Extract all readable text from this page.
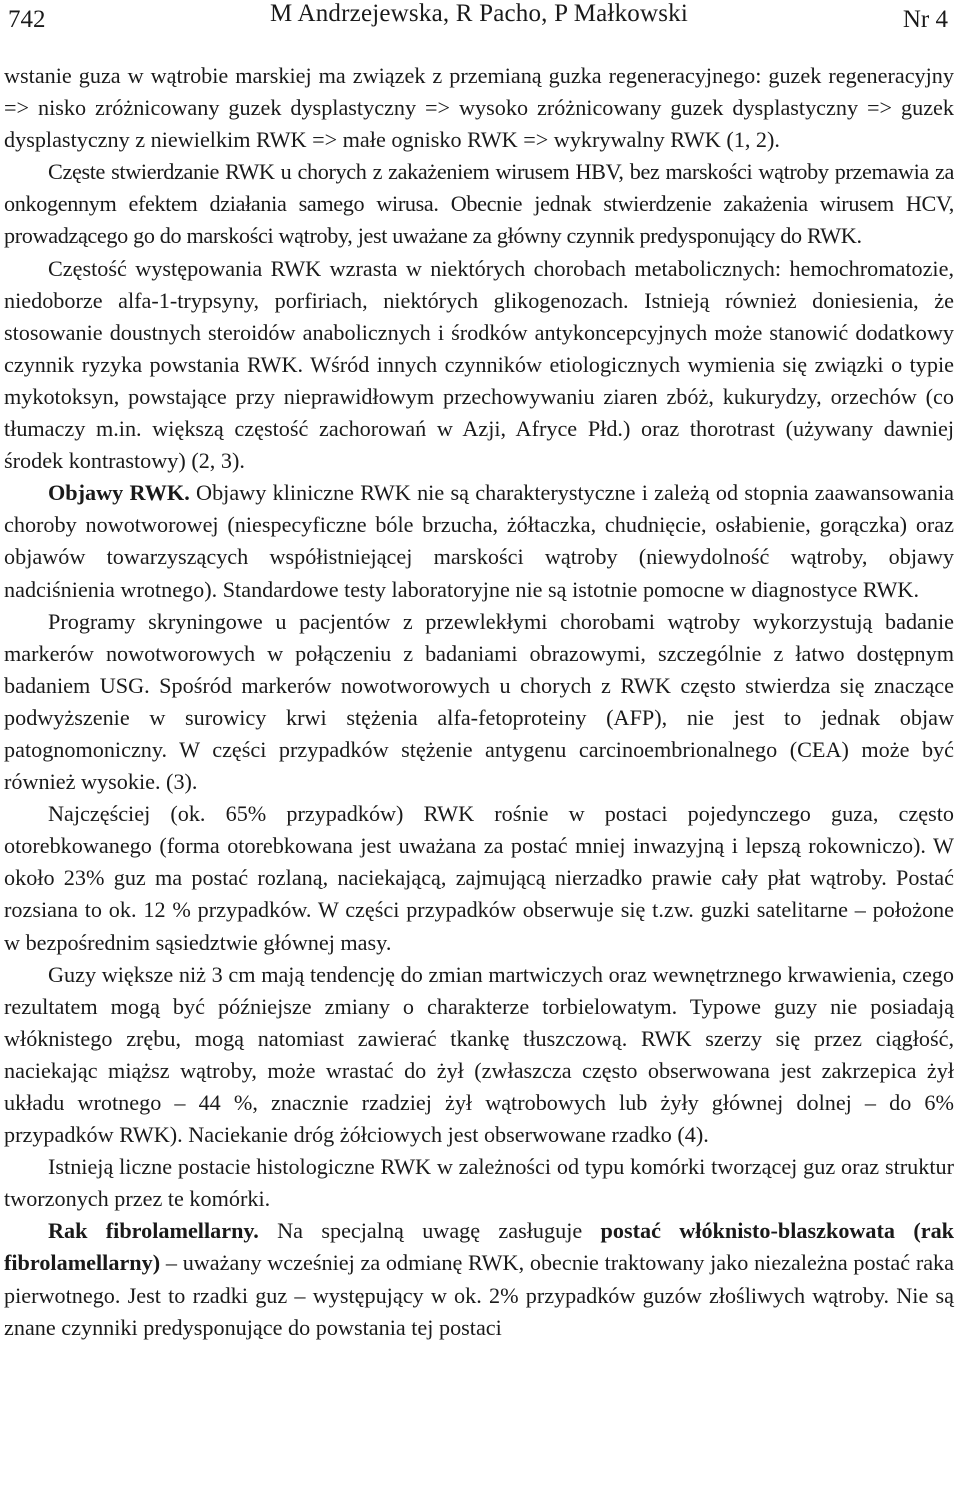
742	M Andrzejewska, R Pacho, P Małkowski	Nr 4

wstanie guza w wątrobie marskiej ma związek z przemianą guzka regeneracyjnego: guzek regeneracyjny => nisko zróżnicowany guzek dysplastyczny => wysoko zróżnicowany guzek dysplastyczny => guzek dysplastyczny z niewielkim RWK => małe ognisko RWK => wykrywalny RWK (1, 2).

Częste stwierdzanie RWK u chorych z zakażeniem wirusem HBV, bez marskości wątroby przemawia za onkogennym efektem działania samego wirusa. Obecnie jednak stwierdzenie zakażenia wirusem HCV, prowadzącego go do marskości wątroby, jest uważane za główny czynnik predysponujący do RWK.

Częstość występowania RWK wzrasta w niektórych chorobach metabolicznych: hemochromatozie, niedoborze alfa-1-trypsyny, porfiriach, niektórych glikogenozach. Istnieją również doniesienia, że stosowanie doustnych steroidów anabolicznych i środków antykoncepcyjnych może stanowić dodatkowy czynnik ryzyka powstania RWK. Wśród innych czynników etiologicznych wymienia się związki o typie mykotoksyn, powstające przy nieprawidłowym przechowywaniu ziaren zbóż, kukurydzy, orzechów (co tłumaczy m.in. większą częstość zachorowań w Azji, Afryce Płd.) oraz thorotrast (używany dawniej środek kontrastowy) (2, 3).

Objawy RWK. Objawy kliniczne RWK nie są charakterystyczne i zależą od stopnia zaawansowania choroby nowotworowej (niespecyficzne bóle brzucha, żółtaczka, chudnięcie, osłabienie, gorączka) oraz objawów towarzyszących współistniejącej marskości wątroby (niewydolność wątroby, objawy nadciśnienia wrotnego). Standardowe testy laboratoryjne nie są istotnie pomocne w diagnostyce RWK.

Programy skryningowe u pacjentów z przewlekłymi chorobami wątroby wykorzystują badanie markerów nowotworowych w połączeniu z badaniami obrazowymi, szczególnie z łatwo dostępnym badaniem USG. Spośród markerów nowotworowych u chorych z RWK często stwierdza się znaczące podwyższenie w surowicy krwi stężenia alfa-fetoproteiny (AFP), nie jest to jednak objaw patognomoniczny. W części przypadków stężenie antygenu carcinoembrionalnego (CEA) może być również wysokie. (3).

Najczęściej (ok. 65% przypadków) RWK rośnie w postaci pojedynczego guza, często otorebkowanego (forma otorebkowana jest uważana za postać mniej inwazyjną i lepszą rokowniczo). W około 23% guz ma postać rozlaną, naciekającą, zajmującą nierzadko prawie cały płat wątroby. Postać rozsiana to ok. 12 % przypadków. W części przypadków obserwuje się t.zw. guzki satelitarne – położone w bezpośrednim sąsiedztwie głównej masy.

Guzy większe niż 3 cm mają tendencję do zmian martwiczych oraz wewnętrznego krwawienia, czego rezultatem mogą być późniejsze zmiany o charakterze torbielowatym. Typowe guzy nie posiadają włóknistego zrębu, mogą natomiast zawierać tkankę tłuszczową. RWK szerzy się przez ciągłość, naciekając miąższ wątroby, może wrastać do żył (zwłaszcza często obserwowana jest zakrzepica żył układu wrotnego – 44 %, znacznie rzadziej żył wątrobowych lub żyły głównej dolnej – do 6% przypadków RWK). Naciekanie dróg żółciowych jest obserwowane rzadko (4).

Istnieją liczne postacie histologiczne RWK w zależności od typu komórki tworzącej guz oraz struktur tworzonych przez te komórki.

Rak fibrolamellarny. Na specjalną uwagę zasługuje postać włóknisto-blaszkowata (rak fibrolamellarny) – uważany wcześniej za odmianę RWK, obecnie traktowany jako niezależna postać raka pierwotnego. Jest to rzadki guz – występujący w ok. 2% przypadków guzów złośliwych wątroby. Nie są znane czynniki predysponujące do powstania tej postaci
